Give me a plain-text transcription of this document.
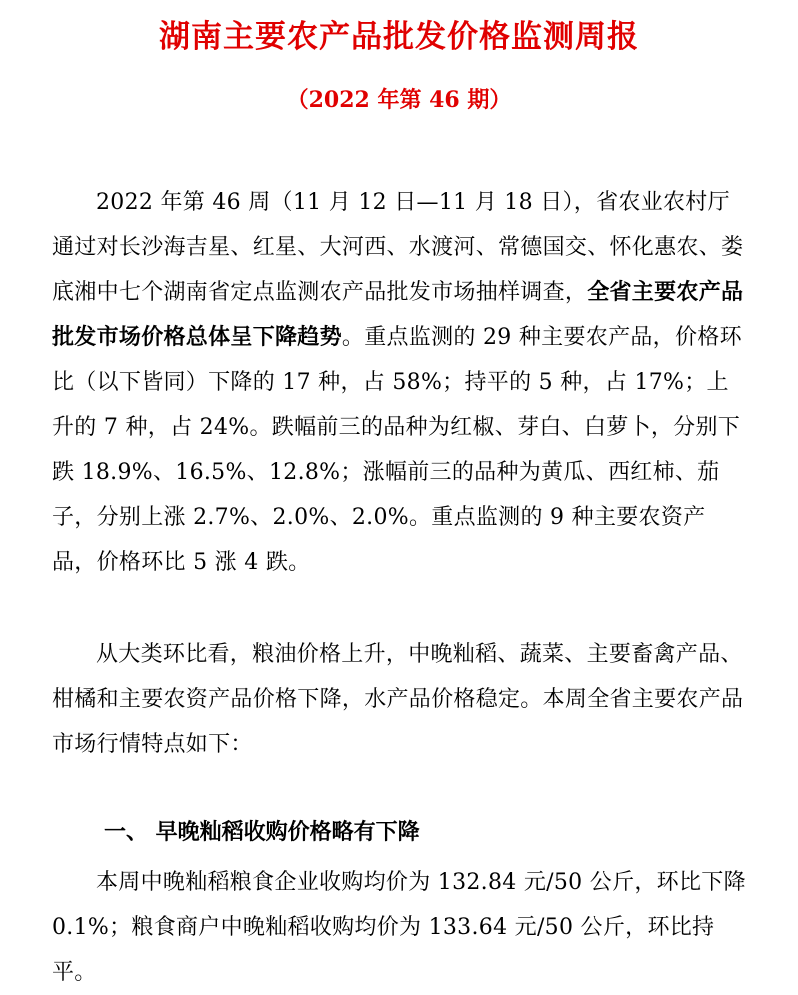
湖南主要农产品批发价格监测周报
（2022 年第 46 期）

2022 年第 46 周（11 月 12 日—11 月 18 日），省农业农村厅通过对长沙海吉星、红星、大河西、水渡河、常德国交、怀化惠农、娄底湘中七个湖南省定点监测农产品批发市场抽样调查，全省主要农产品批发市场价格总体呈下降趋势。重点监测的 29 种主要农产品，价格环比（以下皆同）下降的 17 种，占 58%；持平的 5 种，占 17%；上升的 7 种，占 24%。跌幅前三的品种为红椒、芽白、白萝卜，分别下跌 18.9%、16.5%、12.8%；涨幅前三的品种为黄瓜、西红柿、茄子，分别上涨 2.7%、2.0%、2.0%。重点监测的 9 种主要农资产品，价格环比 5 涨 4 跌。

从大类环比看，粮油价格上升，中晚籼稻、蔬菜、主要畜禽产品、柑橘和主要农资产品价格下降，水产品价格稳定。本周全省主要农产品市场行情特点如下：

一、 早晚籼稻收购价格略有下降

本周中晚籼稻粮食企业收购均价为 132.84 元/50 公斤，环比下降 0.1%；粮食商户中晚籼稻收购均价为 133.64 元/50 公斤，环比持平。
